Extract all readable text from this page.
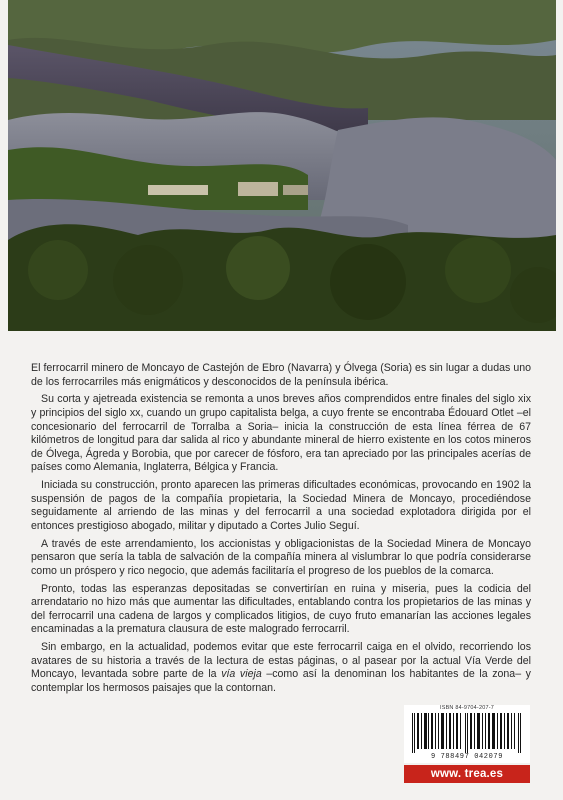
El ferrocarril minero de Moncayo de Castejón de Ebro (Navarra) y Ólvega (Soria) es sin lugar a dudas uno de los ferrocarriles más enigmáticos y desconocidos de la península ibérica.

Su corta y ajetreada existencia se remonta a unos breves años comprendidos entre finales del siglo xix y principios del siglo xx, cuando un grupo capitalista belga, a cuyo frente se encontraba Édouard Otlet –el concesionario del ferrocarril de Torralba a Soria– inicia la construcción de esta línea férrea de 67 kilómetros de longitud para dar salida al rico y abundante mineral de hierro existente en los cotos mineros de Ólvega, Ágreda y Borobia, que por carecer de fósforo, era tan apreciado por las principales acerías de países como Alemania, Inglaterra, Bélgica y Francia.

Iniciada su construcción, pronto aparecen las primeras dificultades económicas, provocando en 1902 la suspensión de pagos de la compañía propietaria, la Sociedad Minera de Moncayo, procediéndose seguidamente al arriendo de las minas y del ferrocarril a una sociedad explotadora dirigida por el entonces prestigioso abogado, militar y diputado a Cortes Julio Seguí.

A través de este arrendamiento, los accionistas y obligacionistas de la Sociedad Minera de Moncayo pensaron que sería la tabla de salvación de la compañía minera al vislumbrar lo que podría considerarse como un próspero y rico negocio, que además facilitaría el progreso de los pueblos de la comarca.

Pronto, todas las esperanzas depositadas se convertirían en ruina y miseria, pues la codicia del arrendatario no hizo más que aumentar las dificultades, entablando contra los propietarios de las minas y del ferrocarril una cadena de largos y complicados litigios, de cuyo fruto emanarían las acciones legales encaminadas a la prematura clausura de este malogrado ferrocarril.

Sin embargo, en la actualidad, podemos evitar que este ferrocarril caiga en el olvido, recorriendo los avatares de su historia a través de la lectura de estas páginas, o al pasear por la actual Vía Verde del Moncayo, levantada sobre parte de la vía vieja –como así la denominan los habitantes de la zona– y contemplar los hermosos paisajes que la contornan.

ISBN 84-9704-207-7
9 788497 042079
www. trea.es
